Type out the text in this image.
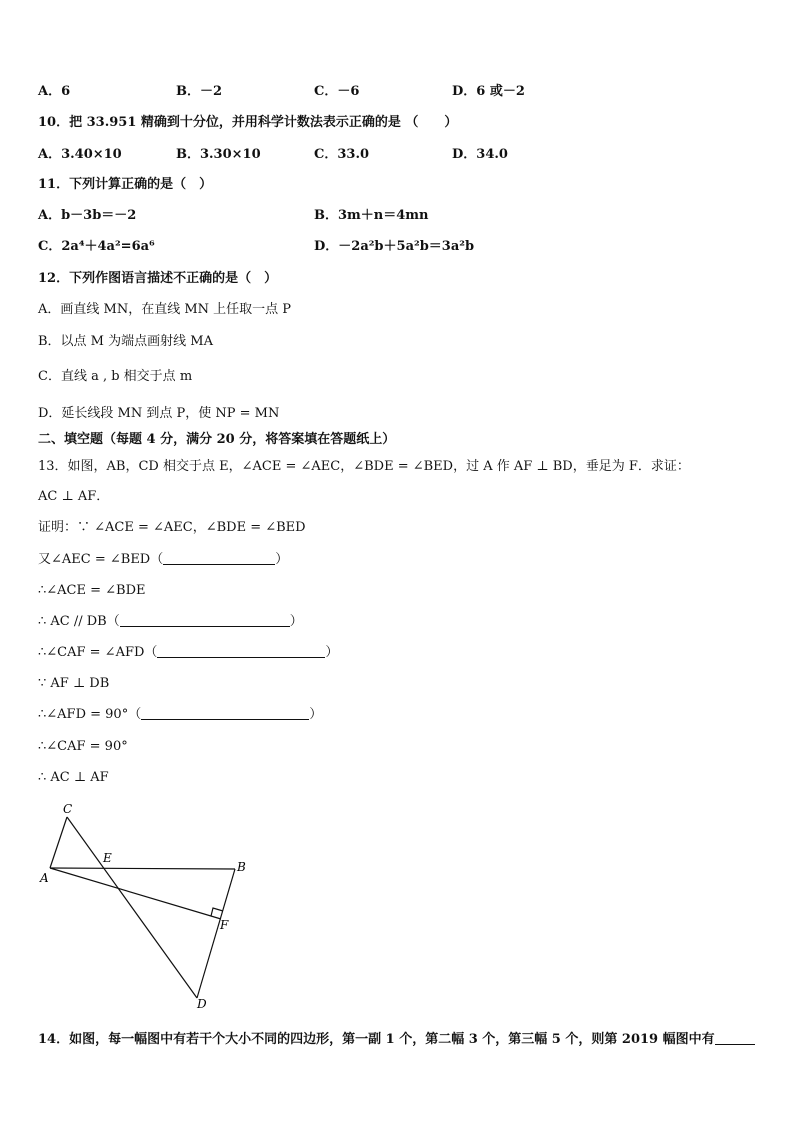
A．6	B．－2	C．－6	D．6 或－2
10．把 33.951 精确到十分位，并用科学计数法表示正确的是 （　　）
A．3.40×10	B．3.30×10	C．33.0	D．34.0
11．下列计算正确的是（　）
A．b－3b＝－2	B．3m＋n＝4mn
C．2a⁴＋4a²=6a⁶	D．－2a²b＋5a²b＝3a²b
12．下列作图语言描述不正确的是（　）
A．画直线 MN，在直线 MN 上任取一点 P
B．以点 M 为端点画射线 MA
C．直线 a , b 相交于点 m
D．延长线段 MN 到点 P，使 NP = MN
二、填空题（每题 4 分，满分 20 分，将答案填在答题纸上）
13．如图，AB，CD 相交于点 E，∠ACE = ∠AEC，∠BDE = ∠BED，过 A 作 AF ⊥ BD，垂足为 F．求证：
AC ⊥ AF．
证明：∵ ∠ACE = ∠AEC，∠BDE = ∠BED
又∠AEC = ∠BED（	）
∴∠ACE = ∠BDE
∴ AC // DB（	）
∴∠CAF = ∠AFD（	）
∵ AF ⊥ DB
∴∠AFD = 90°（	）
∴∠CAF = 90°
∴ AC ⊥ AF
C
E
A
B
F
D
14．如图，每一幅图中有若干个大小不同的四边形，第一副 1 个，第二幅 3 个，第三幅 5 个，则第 2019 幅图中有
